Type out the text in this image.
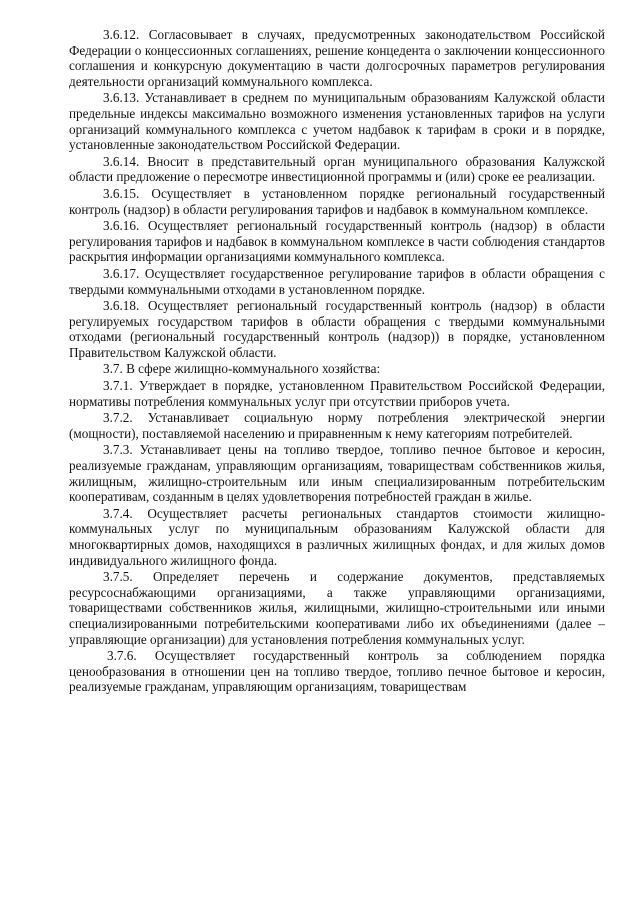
3.6.12. Согласовывает в случаях, предусмотренных законодательством Российской Федерации о концессионных соглашениях, решение концедента о заключении концессионного соглашения и конкурсную документацию в части долгосрочных параметров регулирования деятельности организаций коммунального комплекса.

3.6.13. Устанавливает в среднем по муниципальным образованиям Калужской области предельные индексы максимально возможного изменения установленных тарифов на услуги организаций коммунального комплекса с учетом надбавок к тарифам в сроки и в порядке, установленные законодательством Российской Федерации.

3.6.14. Вносит в представительный орган муниципального образования Калужской области предложение о пересмотре инвестиционной программы и (или) сроке ее реализации.

3.6.15. Осуществляет в установленном порядке региональный государственный контроль (надзор) в области регулирования тарифов и надбавок в коммунальном комплексе.

3.6.16. Осуществляет региональный государственный контроль (надзор) в области регулирования тарифов и надбавок в коммунальном комплексе в части соблюдения стандартов раскрытия информации организациями коммунального комплекса.

3.6.17. Осуществляет государственное регулирование тарифов в области обращения с твердыми коммунальными отходами в установленном порядке.

3.6.18. Осуществляет региональный государственный контроль (надзор) в области регулируемых государством тарифов в области обращения с твердыми коммунальными отходами (региональный государственный контроль (надзор)) в порядке, установленном Правительством Калужской области.

3.7. В сфере жилищно-коммунального хозяйства:

3.7.1. Утверждает в порядке, установленном Правительством Российской Федерации, нормативы потребления коммунальных услуг при отсутствии приборов учета.

3.7.2. Устанавливает социальную норму потребления электрической энергии (мощности), поставляемой населению и приравненным к нему категориям потребителей.

3.7.3. Устанавливает цены на топливо твердое, топливо печное бытовое и керосин, реализуемые гражданам, управляющим организациям, товариществам собственников жилья, жилищным, жилищно-строительным или иным специализированным потребительским кооперативам, созданным в целях удовлетворения потребностей граждан в жилье.

3.7.4. Осуществляет расчеты региональных стандартов стоимости жилищно-коммунальных услуг по муниципальным образованиям Калужской области для многоквартирных домов, находящихся в различных жилищных фондах, и для жилых домов индивидуального жилищного фонда.

3.7.5. Определяет перечень и содержание документов, представляемых ресурсоснабжающими организациями, а также управляющими организациями, товариществами собственников жилья, жилищными, жилищно-строительными или иными специализированными потребительскими кооперативами либо их объединениями (далее – управляющие организации) для установления потребления коммунальных услуг.

3.7.6. Осуществляет государственный контроль за соблюдением порядка ценообразования в отношении цен на топливо твердое, топливо печное бытовое и керосин, реализуемые гражданам, управляющим организациям, товариществам
